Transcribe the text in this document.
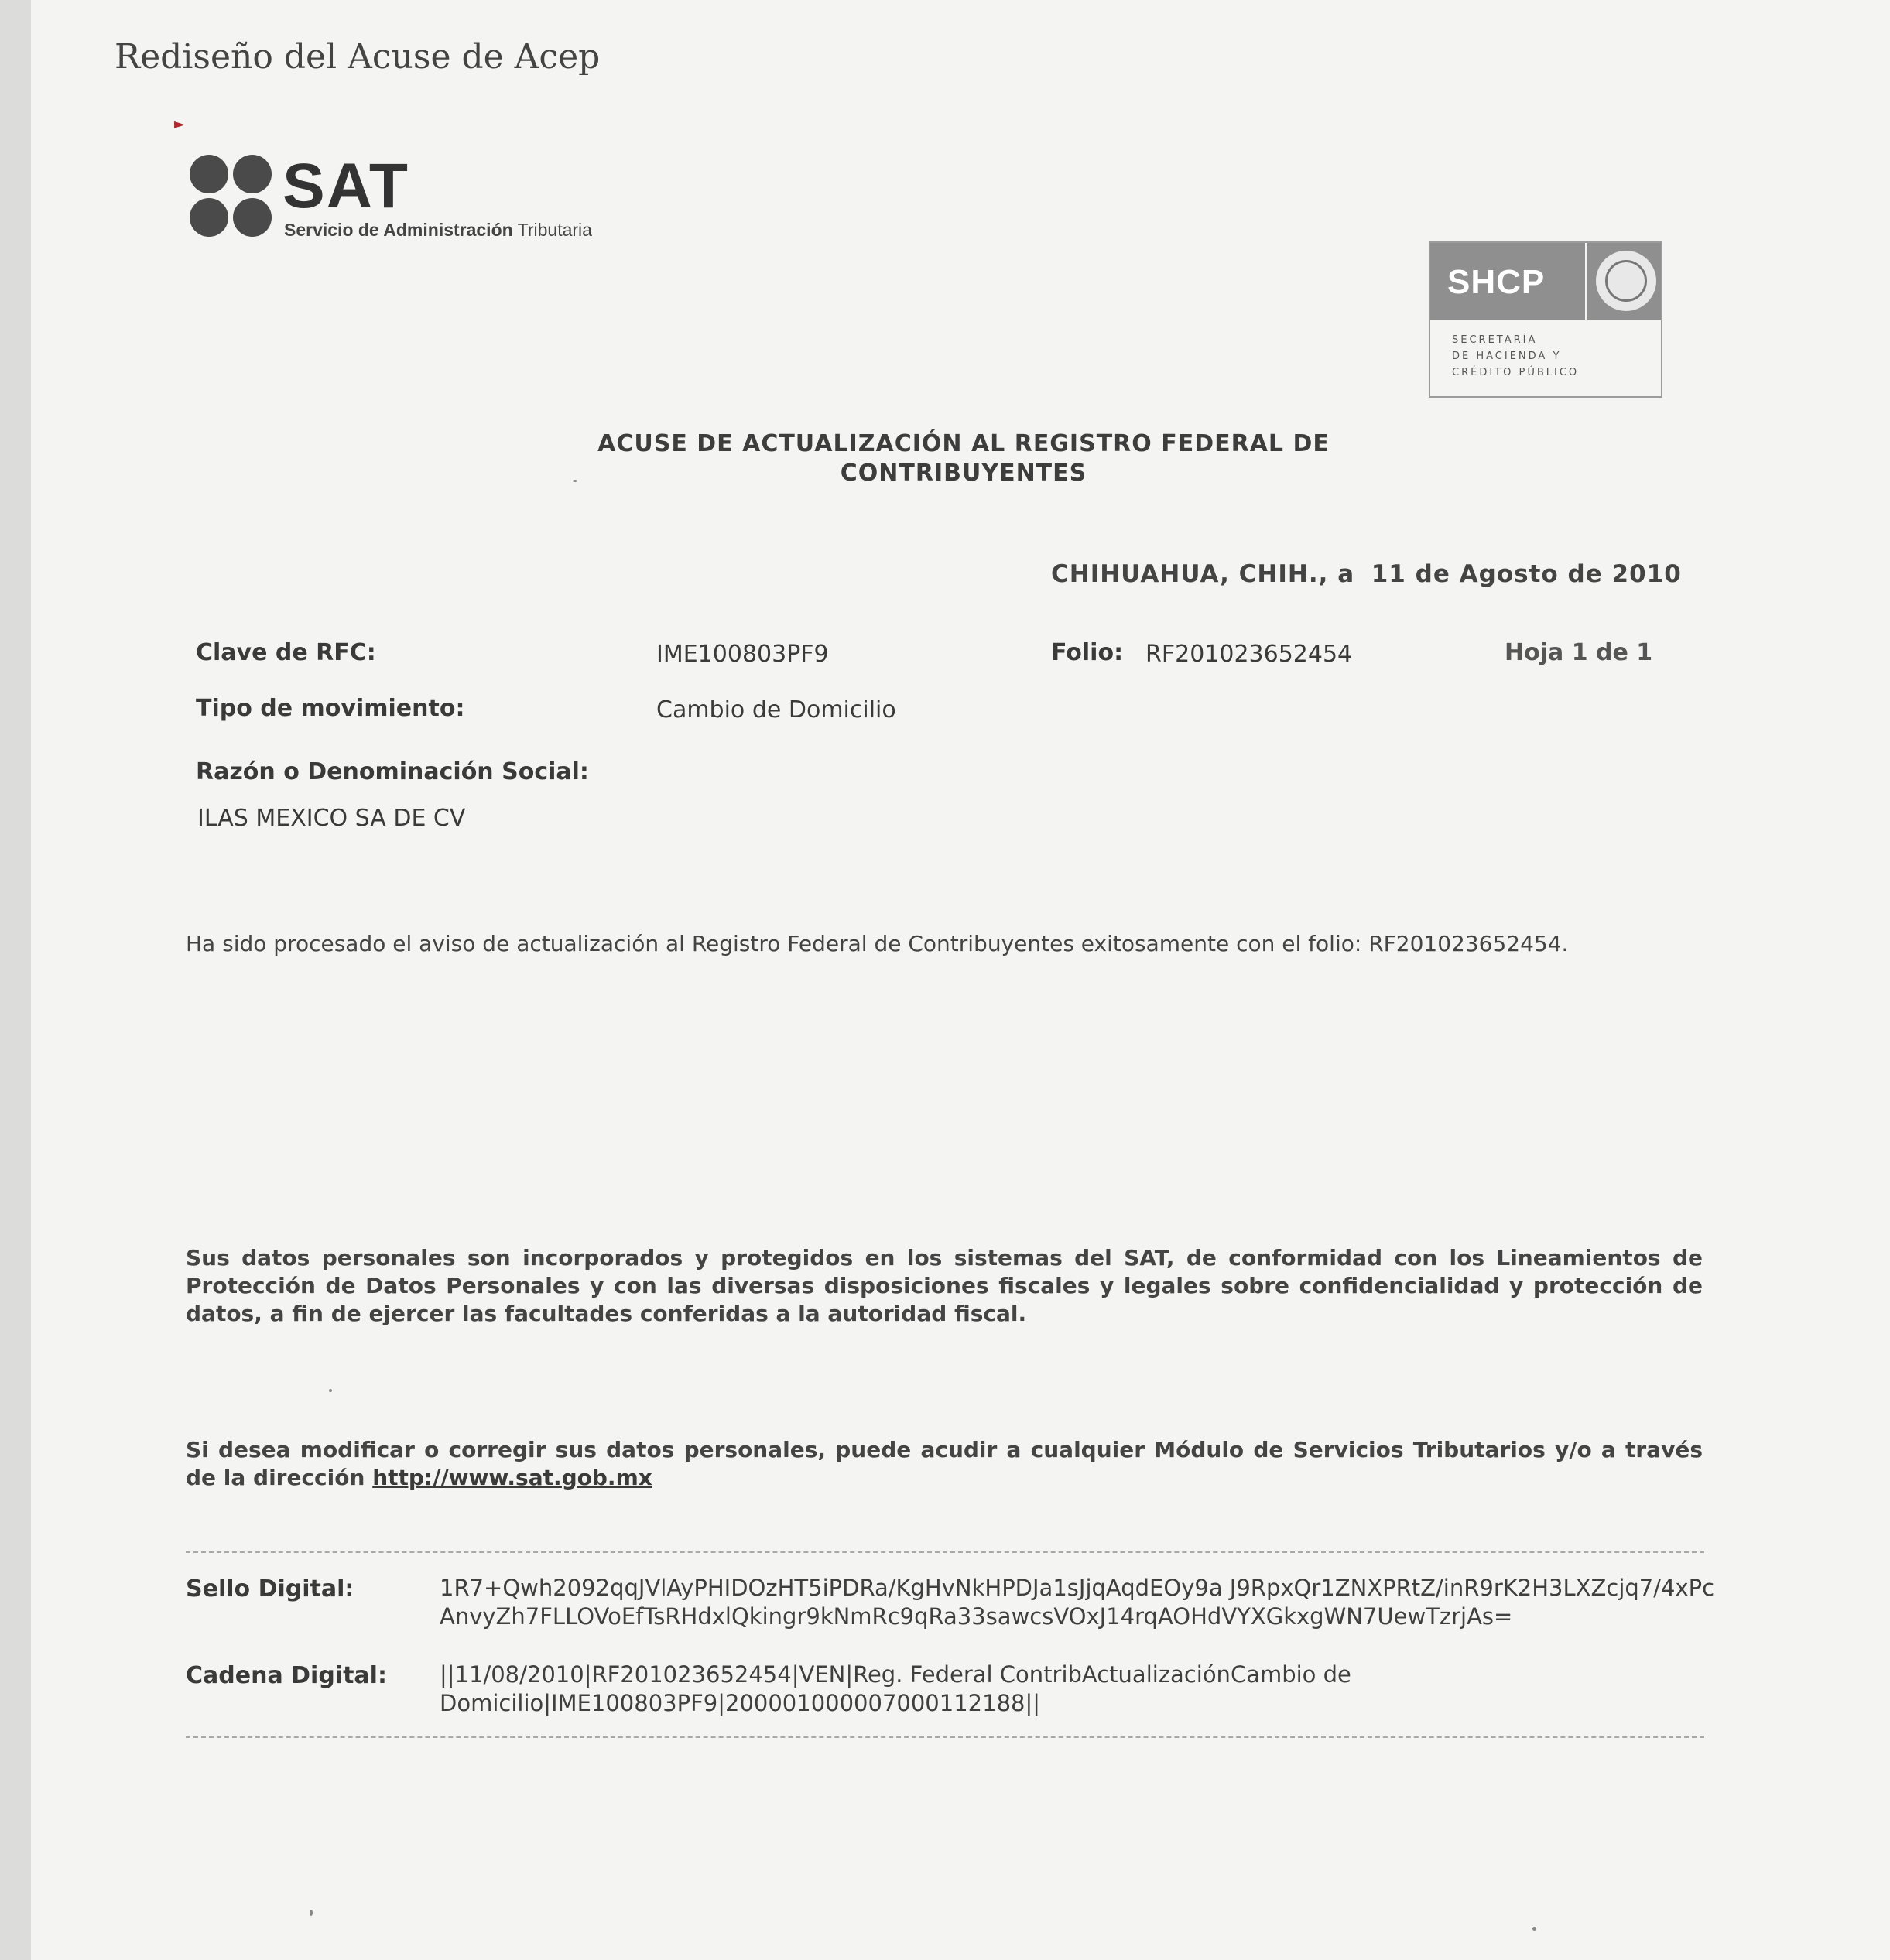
Rediseño del Acuse de Acep
►
SAT
Servicio de Administración Tributaria
SHCP
SECRETARÍA
DE HACIENDA Y
CRÉDITO PÚBLICO
ACUSE DE ACTUALIZACIÓN AL REGISTRO FEDERAL DE
CONTRIBUYENTES
CHIHUAHUA, CHIH., a 11 de Agosto de 2010
Clave de RFC:	IME100803PF9	Folio: RF201023652454	Hoja 1 de 1
Tipo de movimiento:	Cambio de Domicilio
Razón o Denominación Social:
ILAS MEXICO SA DE CV
Ha sido procesado el aviso de actualización al Registro Federal de Contribuyentes exitosamente con el folio: RF201023652454.
Sus datos personales son incorporados y protegidos en los sistemas del SAT, de conformidad con los Lineamientos de Protección de Datos Personales y con las diversas disposiciones fiscales y legales sobre confidencialidad y protección de datos, a fin de ejercer las facultades conferidas a la autoridad fiscal.
Si desea modificar o corregir sus datos personales, puede acudir a cualquier Módulo de Servicios Tributarios y/o a través de la dirección http://www.sat.gob.mx
Sello Digital:	1R7+Qwh2092qqJVlAyPHIDOzHT5iPDRa/KgHvNkHPDJa1sJjqAqdEOy9a J9RpxQr1ZNXPRtZ/inR9rK2H3LXZcjq7/4xPcAnvyZh7FLLOVoEfTsRHdxlQkingr9kNmRc9qRa33sawcsVOxJ14rqAOHdVYXGkxgWN7UewTzrjAs=
Cadena Digital: ||11/08/2010|RF201023652454|VEN|Reg. Federal ContribActualizaciónCambio de
Domicilio|IME100803PF9|200001000007000112188||
